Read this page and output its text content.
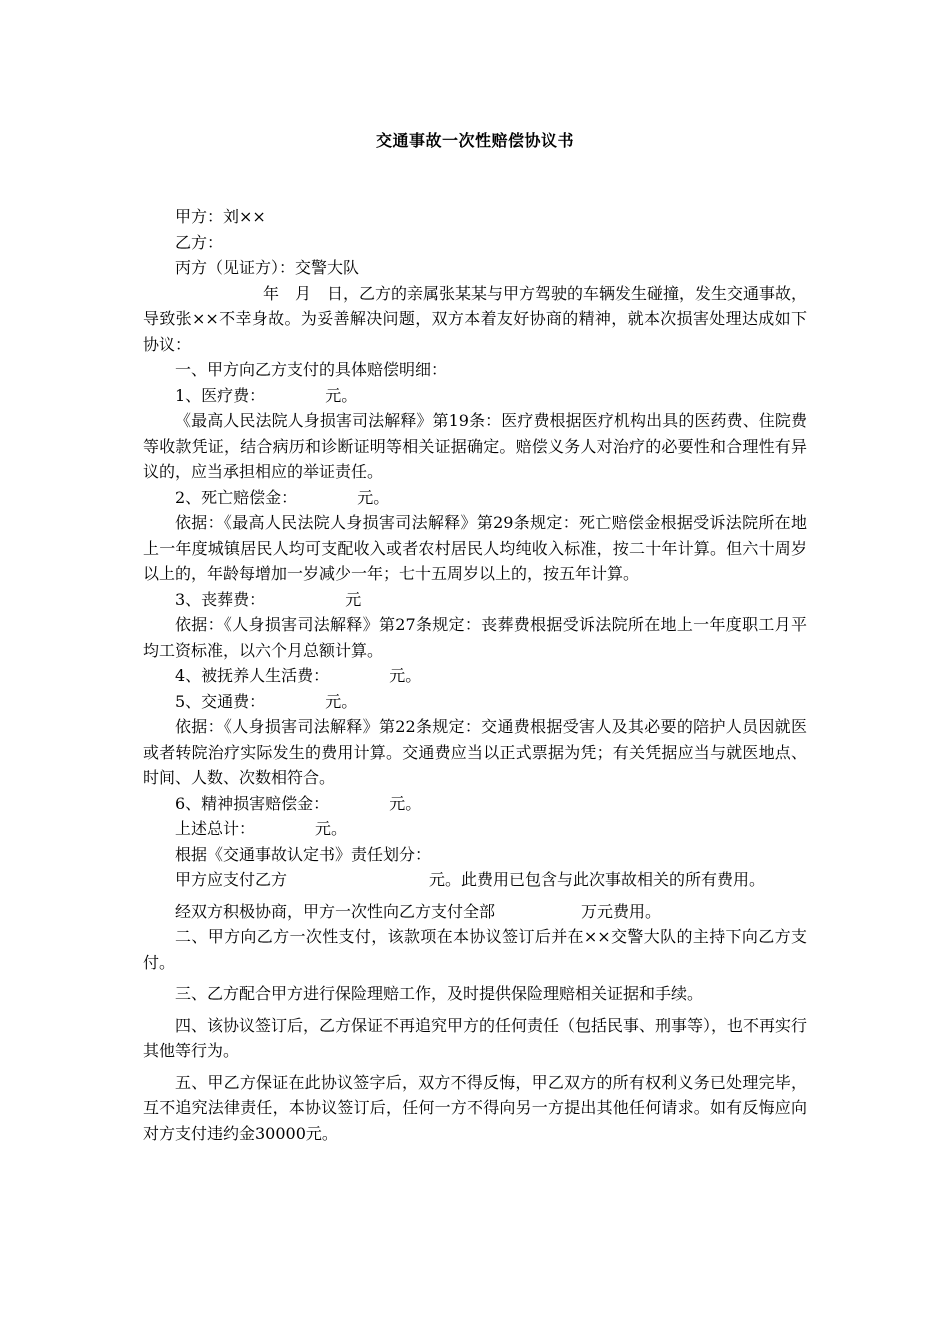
交通事故一次性赔偿协议书

甲方：刘××

乙方：

丙方（见证方）：交警大队

年　月　日，乙方的亲属张某某与甲方驾驶的车辆发生碰撞，发生交通事故，导致张××不幸身故。为妥善解决问题，双方本着友好协商的精神，就本次损害处理达成如下协议：

一、甲方向乙方支付的具体赔偿明细：

1、医疗费：	元。

《最高人民法院人身损害司法解释》第19条：医疗费根据医疗机构出具的医药费、住院费等收款凭证，结合病历和诊断证明等相关证据确定。赔偿义务人对治疗的必要性和合理性有异议的，应当承担相应的举证责任。

2、死亡赔偿金：	元。

依据：《最高人民法院人身损害司法解释》第29条规定：死亡赔偿金根据受诉法院所在地上一年度城镇居民人均可支配收入或者农村居民人均纯收入标准，按二十年计算。但六十周岁以上的，年龄每增加一岁减少一年；七十五周岁以上的，按五年计算。

3、丧葬费：	元

依据：《人身损害司法解释》第27条规定：丧葬费根据受诉法院所在地上一年度职工月平均工资标准，以六个月总额计算。

4、被抚养人生活费：	元。

5、交通费：	元。

依据：《人身损害司法解释》第22条规定：交通费根据受害人及其必要的陪护人员因就医或者转院治疗实际发生的费用计算。交通费应当以正式票据为凭；有关凭据应当与就医地点、时间、人数、次数相符合。

6、精神损害赔偿金：	元。

上述总计：	元。

根据《交通事故认定书》责任划分：

甲方应支付乙方	元。此费用已包含与此次事故相关的所有费用。

经双方积极协商，甲方一次性向乙方支付全部	万元费用。

二、甲方向乙方一次性支付，该款项在本协议签订后并在××交警大队的主持下向乙方支付。

三、乙方配合甲方进行保险理赔工作，及时提供保险理赔相关证据和手续。

四、该协议签订后，乙方保证不再追究甲方的任何责任（包括民事、刑事等），也不再实行其他等行为。

五、甲乙方保证在此协议签字后，双方不得反悔，甲乙双方的所有权利义务已处理完毕，互不追究法律责任，本协议签订后，任何一方不得向另一方提出其他任何请求。如有反悔应向对方支付违约金30000元。
